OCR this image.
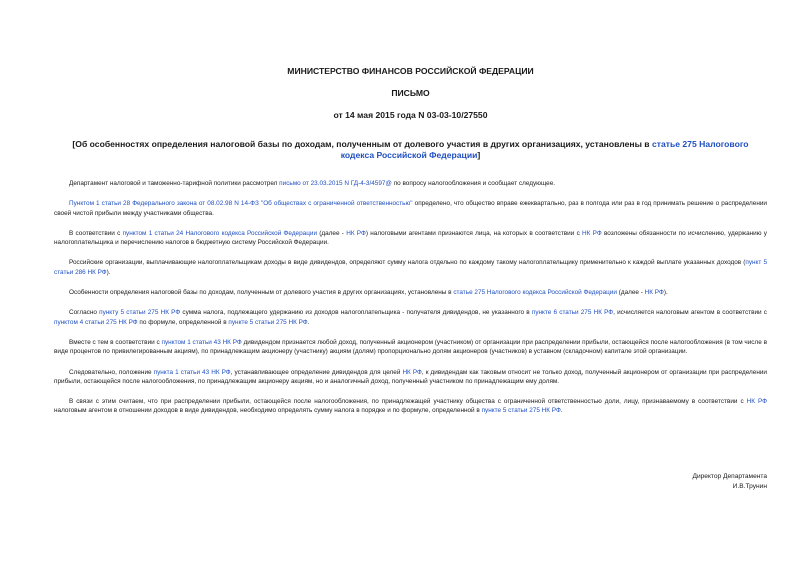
МИНИСТЕРСТВО ФИНАНСОВ РОССИЙСКОЙ ФЕДЕРАЦИИ

ПИСЬМО

от 14 мая 2015 года N 03-03-10/27550

[Об особенностях определения налоговой базы по доходам, полученным от долевого участия в других организациях, установлены в статье 275 Налогового кодекса Российской Федерации]

Департамент налоговой и таможенно-тарифной политики рассмотрел письмо от 23.03.2015 N ГД-4-3/4597@ по вопросу налогообложения и сообщает следующее.

Пунктом 1 статьи 28 Федерального закона от 08.02.98 N 14-ФЗ "Об обществах с ограниченной ответственностью" определено, что общество вправе ежеквартально, раз в полгода или раз в год принимать решение о распределении своей чистой прибыли между участниками общества.

В соответствии с пунктом 1 статьи 24 Налогового кодекса Российской Федерации (далее - НК РФ) налоговыми агентами признаются лица, на которых в соответствии с НК РФ возложены обязанности по исчислению, удержанию у налогоплательщика и перечислению налогов в бюджетную систему Российской Федерации.

Российские организации, выплачивающие налогоплательщикам доходы в виде дивидендов, определяют сумму налога отдельно по каждому такому налогоплательщику применительно к каждой выплате указанных доходов (пункт 5 статьи 286 НК РФ).

Особенности определения налоговой базы по доходам, полученным от долевого участия в других организациях, установлены в статье 275 Налогового кодекса Российской Федерации (далее - НК РФ).

Согласно пункту 5 статьи 275 НК РФ сумма налога, подлежащего удержанию из доходов налогоплательщика - получателя дивидендов, не указанного в пункте 6 статьи 275 НК РФ, исчисляется налоговым агентом в соответствии с пунктом 4 статьи 275 НК РФ по формуле, определенной в пункте 5 статьи 275 НК РФ.

Вместе с тем в соответствии с пунктом 1 статьи 43 НК РФ дивидендом признается любой доход, полученный акционером (участником) от организации при распределении прибыли, остающейся после налогообложения (в том числе в виде процентов по привилегированным акциям), по принадлежащим акционеру (участнику) акциям (долям) пропорционально долям акционеров (участников) в уставном (складочном) капитале этой организации.

Следовательно, положение пункта 1 статьи 43 НК РФ, устанавливающее определение дивидендов для целей НК РФ, к дивидендам как таковым относит не только доход, полученный акционером от организации при распределении прибыли, остающейся после налогообложения, по принадлежащим акционеру акциям, но и аналогичный доход, полученный участником по принадлежащим ему долям.

В связи с этим считаем, что при распределении прибыли, остающейся после налогообложения, по принадлежащей участнику общества с ограниченной ответственностью доли, лицу, признаваемому в соответствии с НК РФ налоговым агентом в отношении доходов в виде дивидендов, необходимо определять сумму налога в порядке и по формуле, определенной в пункте 5 статьи 275 НК РФ.

Директор Департамента
И.В.Трунин
